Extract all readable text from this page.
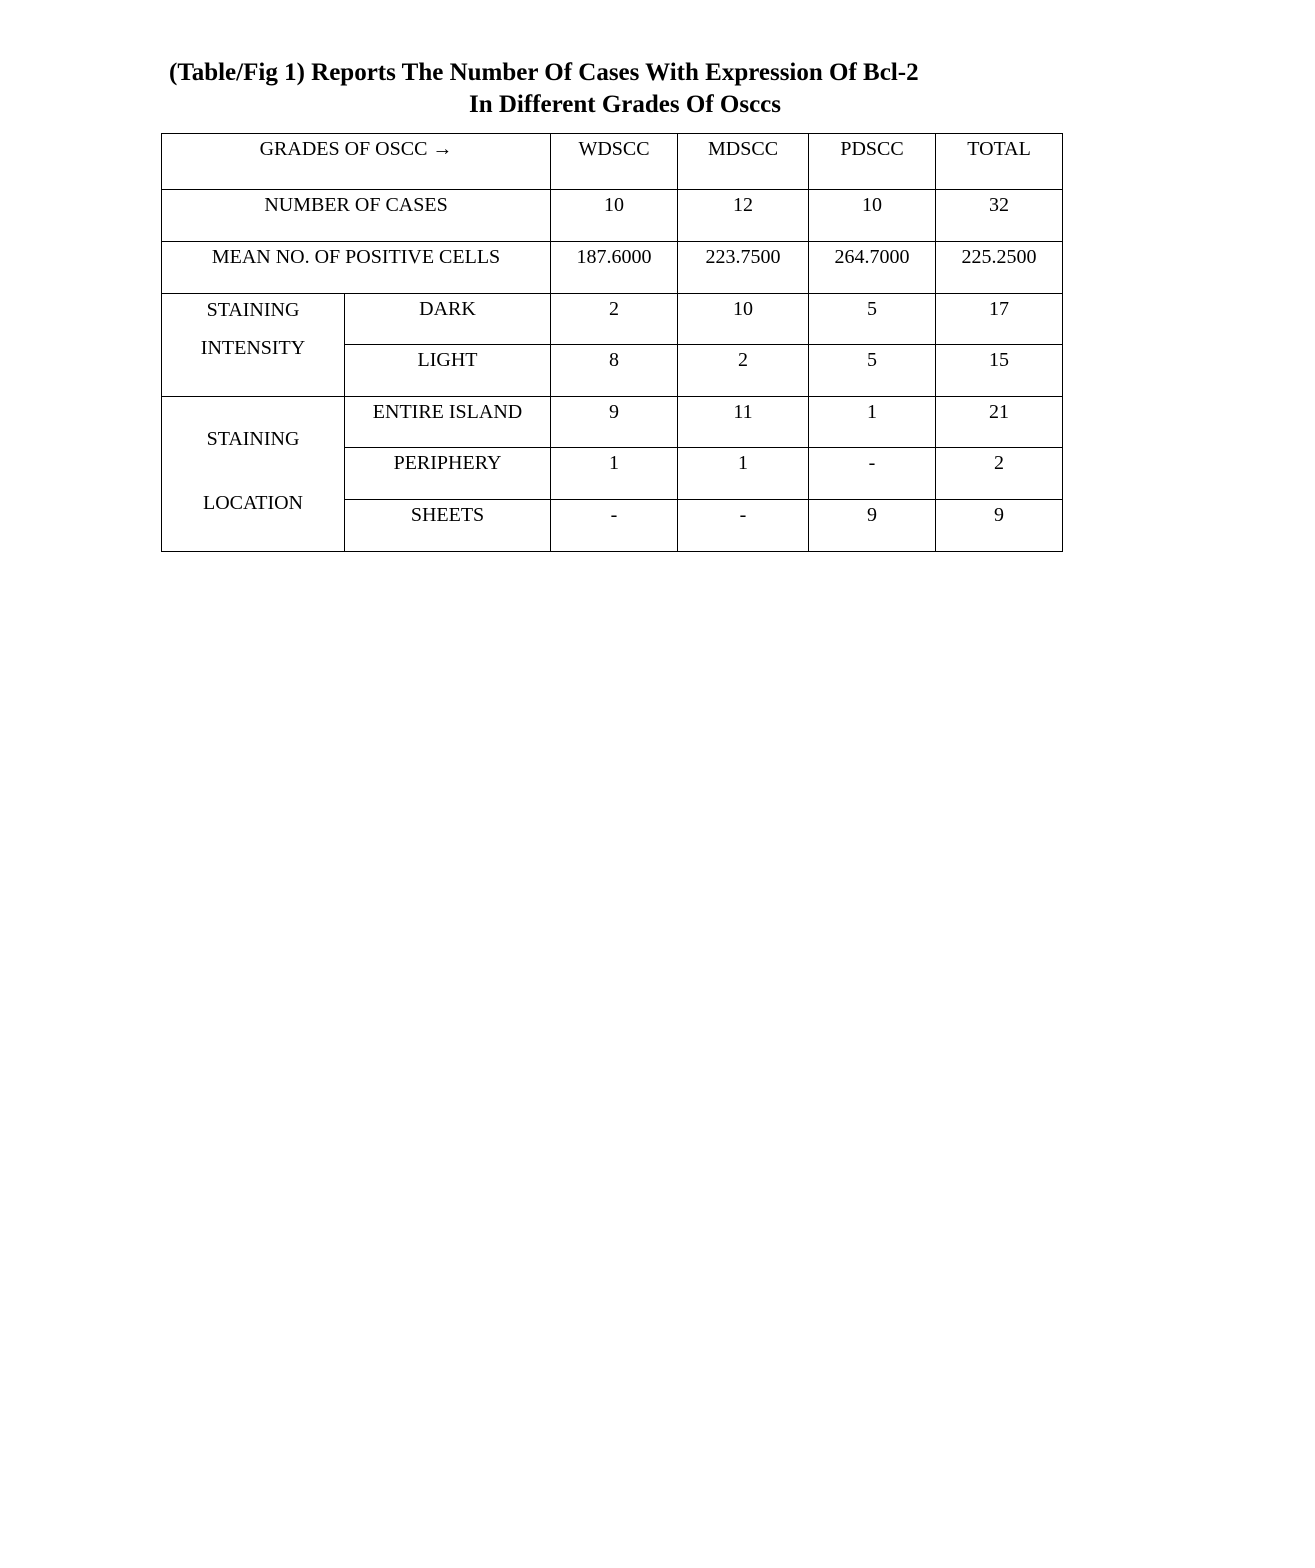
(Table/Fig 1) Reports The Number Of Cases With Expression Of Bcl-2
In Different Grades Of Osccs
GRADES OF OSCC →		WDSCC	MDSCC	PDSCC	TOTAL
NUMBER OF CASES		10	12	10	32
MEAN NO. OF POSITIVE CELLS		187.6000	223.7500	264.7000	225.2500

STAINING
INTENSITY	DARK	2	10	5	17
	LIGHT	8	2	5	15

STAINING
LOCATION	ENTIRE ISLAND	9	11	1	21
	PERIPHERY	1	1	-	2
	SHEETS	-	-	9	9
